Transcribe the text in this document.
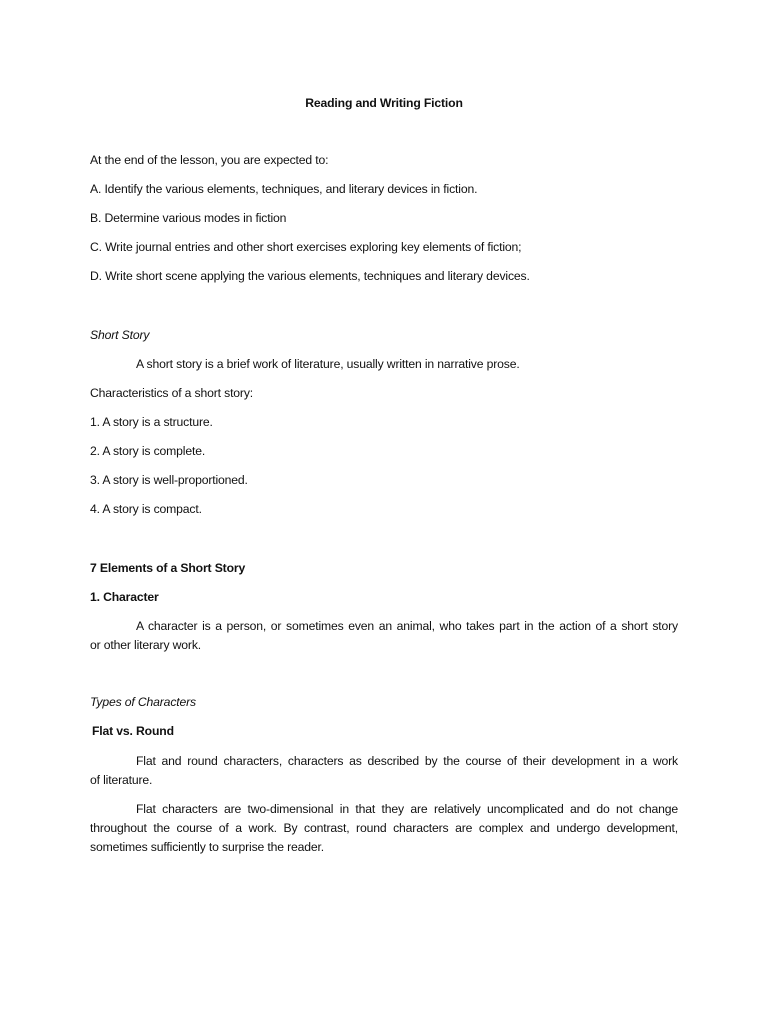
Reading and Writing Fiction
At the end of the lesson, you are expected to:
A. Identify the various elements, techniques, and literary devices in fiction.
B. Determine various modes in fiction
C. Write journal entries and other short exercises exploring key elements of fiction;
D. Write short scene applying the various elements, techniques and literary devices.
Short Story
A short story is a brief work of literature, usually written in narrative prose.
Characteristics of a short story:
1. A story is a structure.
2. A story is complete.
3. A story is well-proportioned.
4. A story is compact.
7 Elements of a Short Story
1. Character
A character is a person, or sometimes even an animal, who takes part in the action of a short story
or other literary work.
Types of Characters
Flat vs. Round
Flat and round characters, characters as described by the course of their development in a work
of literature.
Flat characters are two-dimensional in that they are relatively uncomplicated and do not change
throughout the course of a work. By contrast, round characters are complex and undergo development,
sometimes sufficiently to surprise the reader.
